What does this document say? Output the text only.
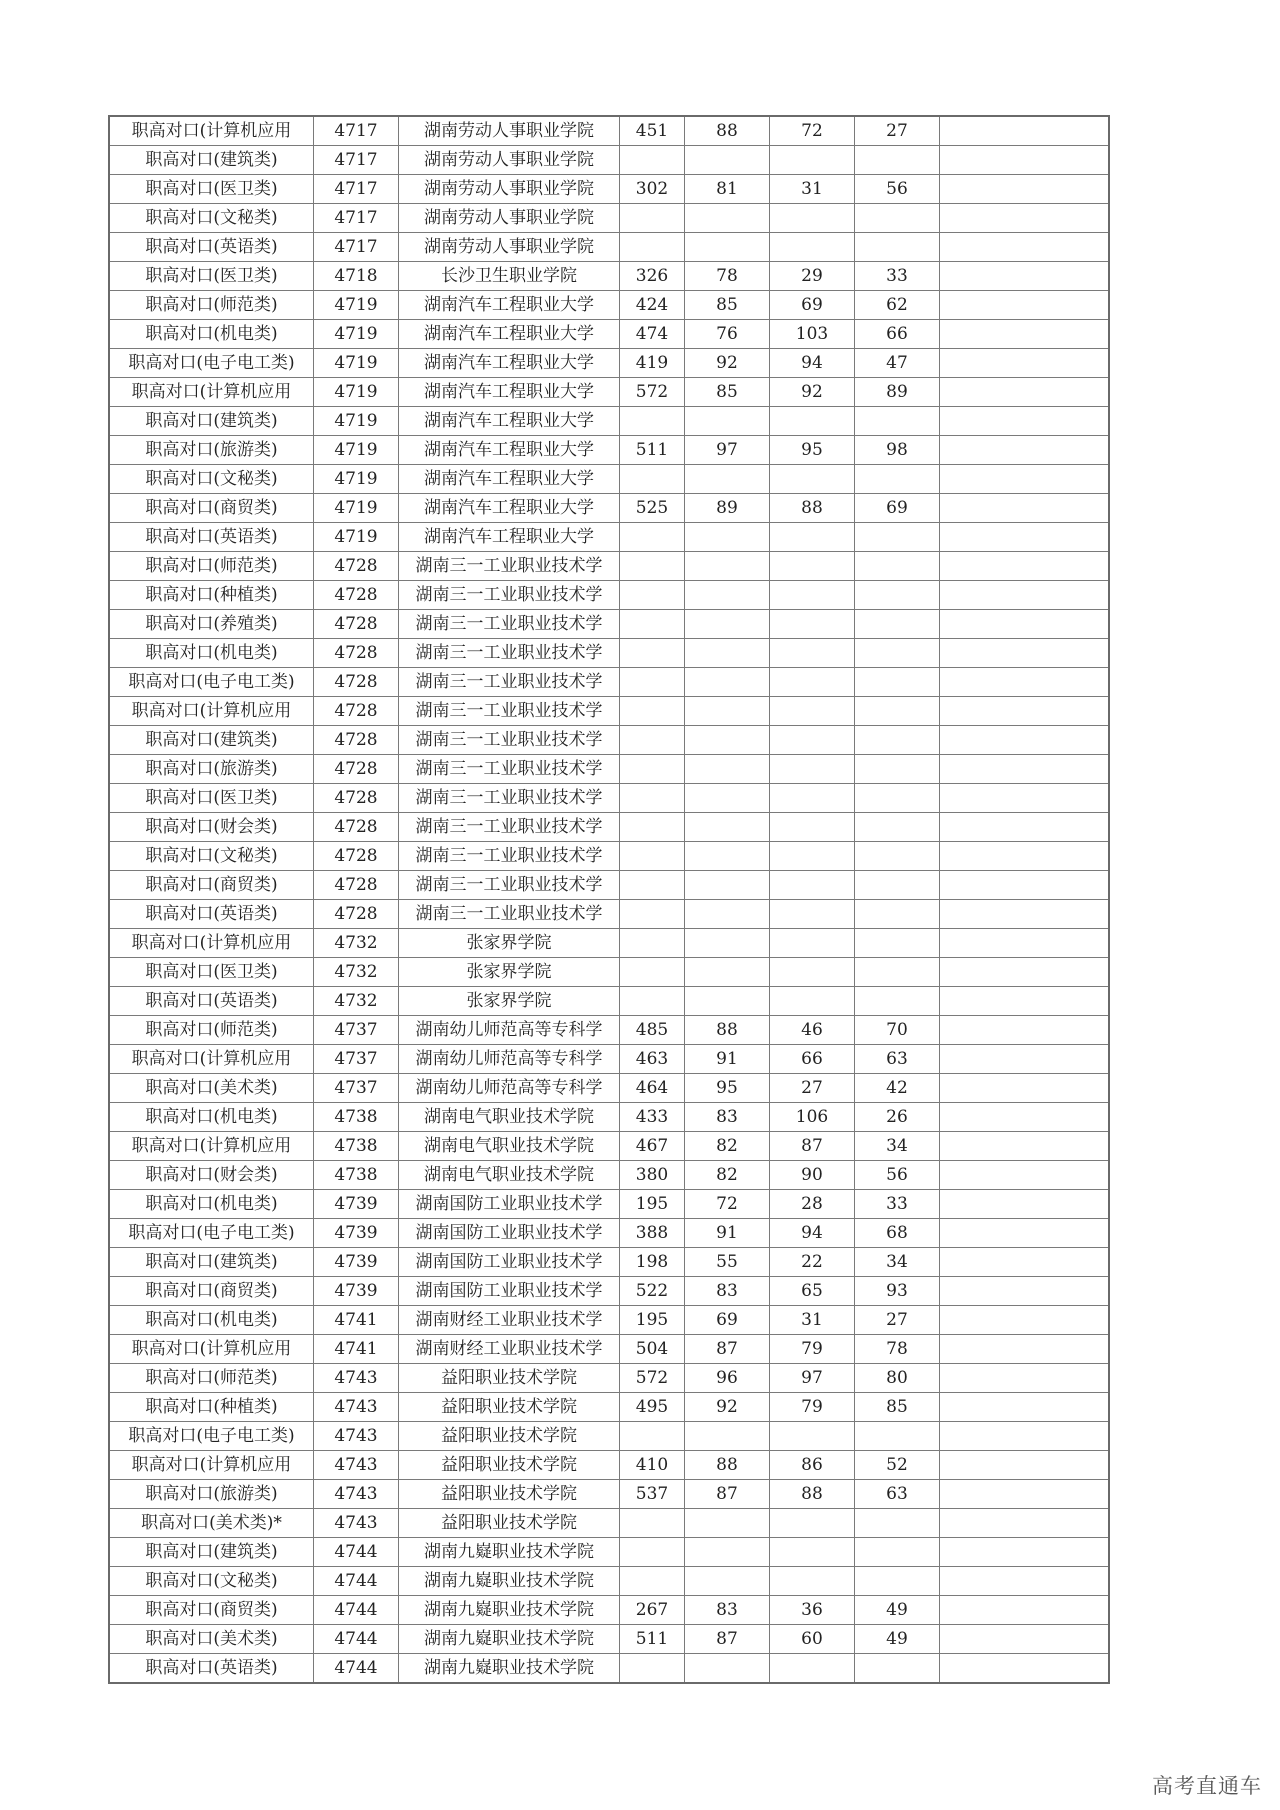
职高对口(计算机应用	4717	湖南劳动人事职业学院	451	88	72	27	
职高对口(建筑类)	4717	湖南劳动人事职业学院					
职高对口(医卫类)	4717	湖南劳动人事职业学院	302	81	31	56	
职高对口(文秘类)	4717	湖南劳动人事职业学院					
职高对口(英语类)	4717	湖南劳动人事职业学院					
职高对口(医卫类)	4718	长沙卫生职业学院	326	78	29	33	
职高对口(师范类)	4719	湖南汽车工程职业大学	424	85	69	62	
职高对口(机电类)	4719	湖南汽车工程职业大学	474	76	103	66	
职高对口(电子电工类)	4719	湖南汽车工程职业大学	419	92	94	47	
职高对口(计算机应用	4719	湖南汽车工程职业大学	572	85	92	89	
职高对口(建筑类)	4719	湖南汽车工程职业大学					
职高对口(旅游类)	4719	湖南汽车工程职业大学	511	97	95	98	
职高对口(文秘类)	4719	湖南汽车工程职业大学					
职高对口(商贸类)	4719	湖南汽车工程职业大学	525	89	88	69	
职高对口(英语类)	4719	湖南汽车工程职业大学					
职高对口(师范类)	4728	湖南三一工业职业技术学					
职高对口(种植类)	4728	湖南三一工业职业技术学					
职高对口(养殖类)	4728	湖南三一工业职业技术学					
职高对口(机电类)	4728	湖南三一工业职业技术学					
职高对口(电子电工类)	4728	湖南三一工业职业技术学					
职高对口(计算机应用	4728	湖南三一工业职业技术学					
职高对口(建筑类)	4728	湖南三一工业职业技术学					
职高对口(旅游类)	4728	湖南三一工业职业技术学					
职高对口(医卫类)	4728	湖南三一工业职业技术学					
职高对口(财会类)	4728	湖南三一工业职业技术学					
职高对口(文秘类)	4728	湖南三一工业职业技术学					
职高对口(商贸类)	4728	湖南三一工业职业技术学					
职高对口(英语类)	4728	湖南三一工业职业技术学					
职高对口(计算机应用	4732	张家界学院					
职高对口(医卫类)	4732	张家界学院					
职高对口(英语类)	4732	张家界学院					
职高对口(师范类)	4737	湖南幼儿师范高等专科学	485	88	46	70	
职高对口(计算机应用	4737	湖南幼儿师范高等专科学	463	91	66	63	
职高对口(美术类)	4737	湖南幼儿师范高等专科学	464	95	27	42	
职高对口(机电类)	4738	湖南电气职业技术学院	433	83	106	26	
职高对口(计算机应用	4738	湖南电气职业技术学院	467	82	87	34	
职高对口(财会类)	4738	湖南电气职业技术学院	380	82	90	56	
职高对口(机电类)	4739	湖南国防工业职业技术学	195	72	28	33	
职高对口(电子电工类)	4739	湖南国防工业职业技术学	388	91	94	68	
职高对口(建筑类)	4739	湖南国防工业职业技术学	198	55	22	34	
职高对口(商贸类)	4739	湖南国防工业职业技术学	522	83	65	93	
职高对口(机电类)	4741	湖南财经工业职业技术学	195	69	31	27	
职高对口(计算机应用	4741	湖南财经工业职业技术学	504	87	79	78	
职高对口(师范类)	4743	益阳职业技术学院	572	96	97	80	
职高对口(种植类)	4743	益阳职业技术学院	495	92	79	85	
职高对口(电子电工类)	4743	益阳职业技术学院					
职高对口(计算机应用	4743	益阳职业技术学院	410	88	86	52	
职高对口(旅游类)	4743	益阳职业技术学院	537	87	88	63	
职高对口(美术类)*	4743	益阳职业技术学院					
职高对口(建筑类)	4744	湖南九嶷职业技术学院					
职高对口(文秘类)	4744	湖南九嶷职业技术学院					
职高对口(商贸类)	4744	湖南九嶷职业技术学院	267	83	36	49	
职高对口(美术类)	4744	湖南九嶷职业技术学院	511	87	60	49	
职高对口(英语类)	4744	湖南九嶷职业技术学院					
高考直通车
